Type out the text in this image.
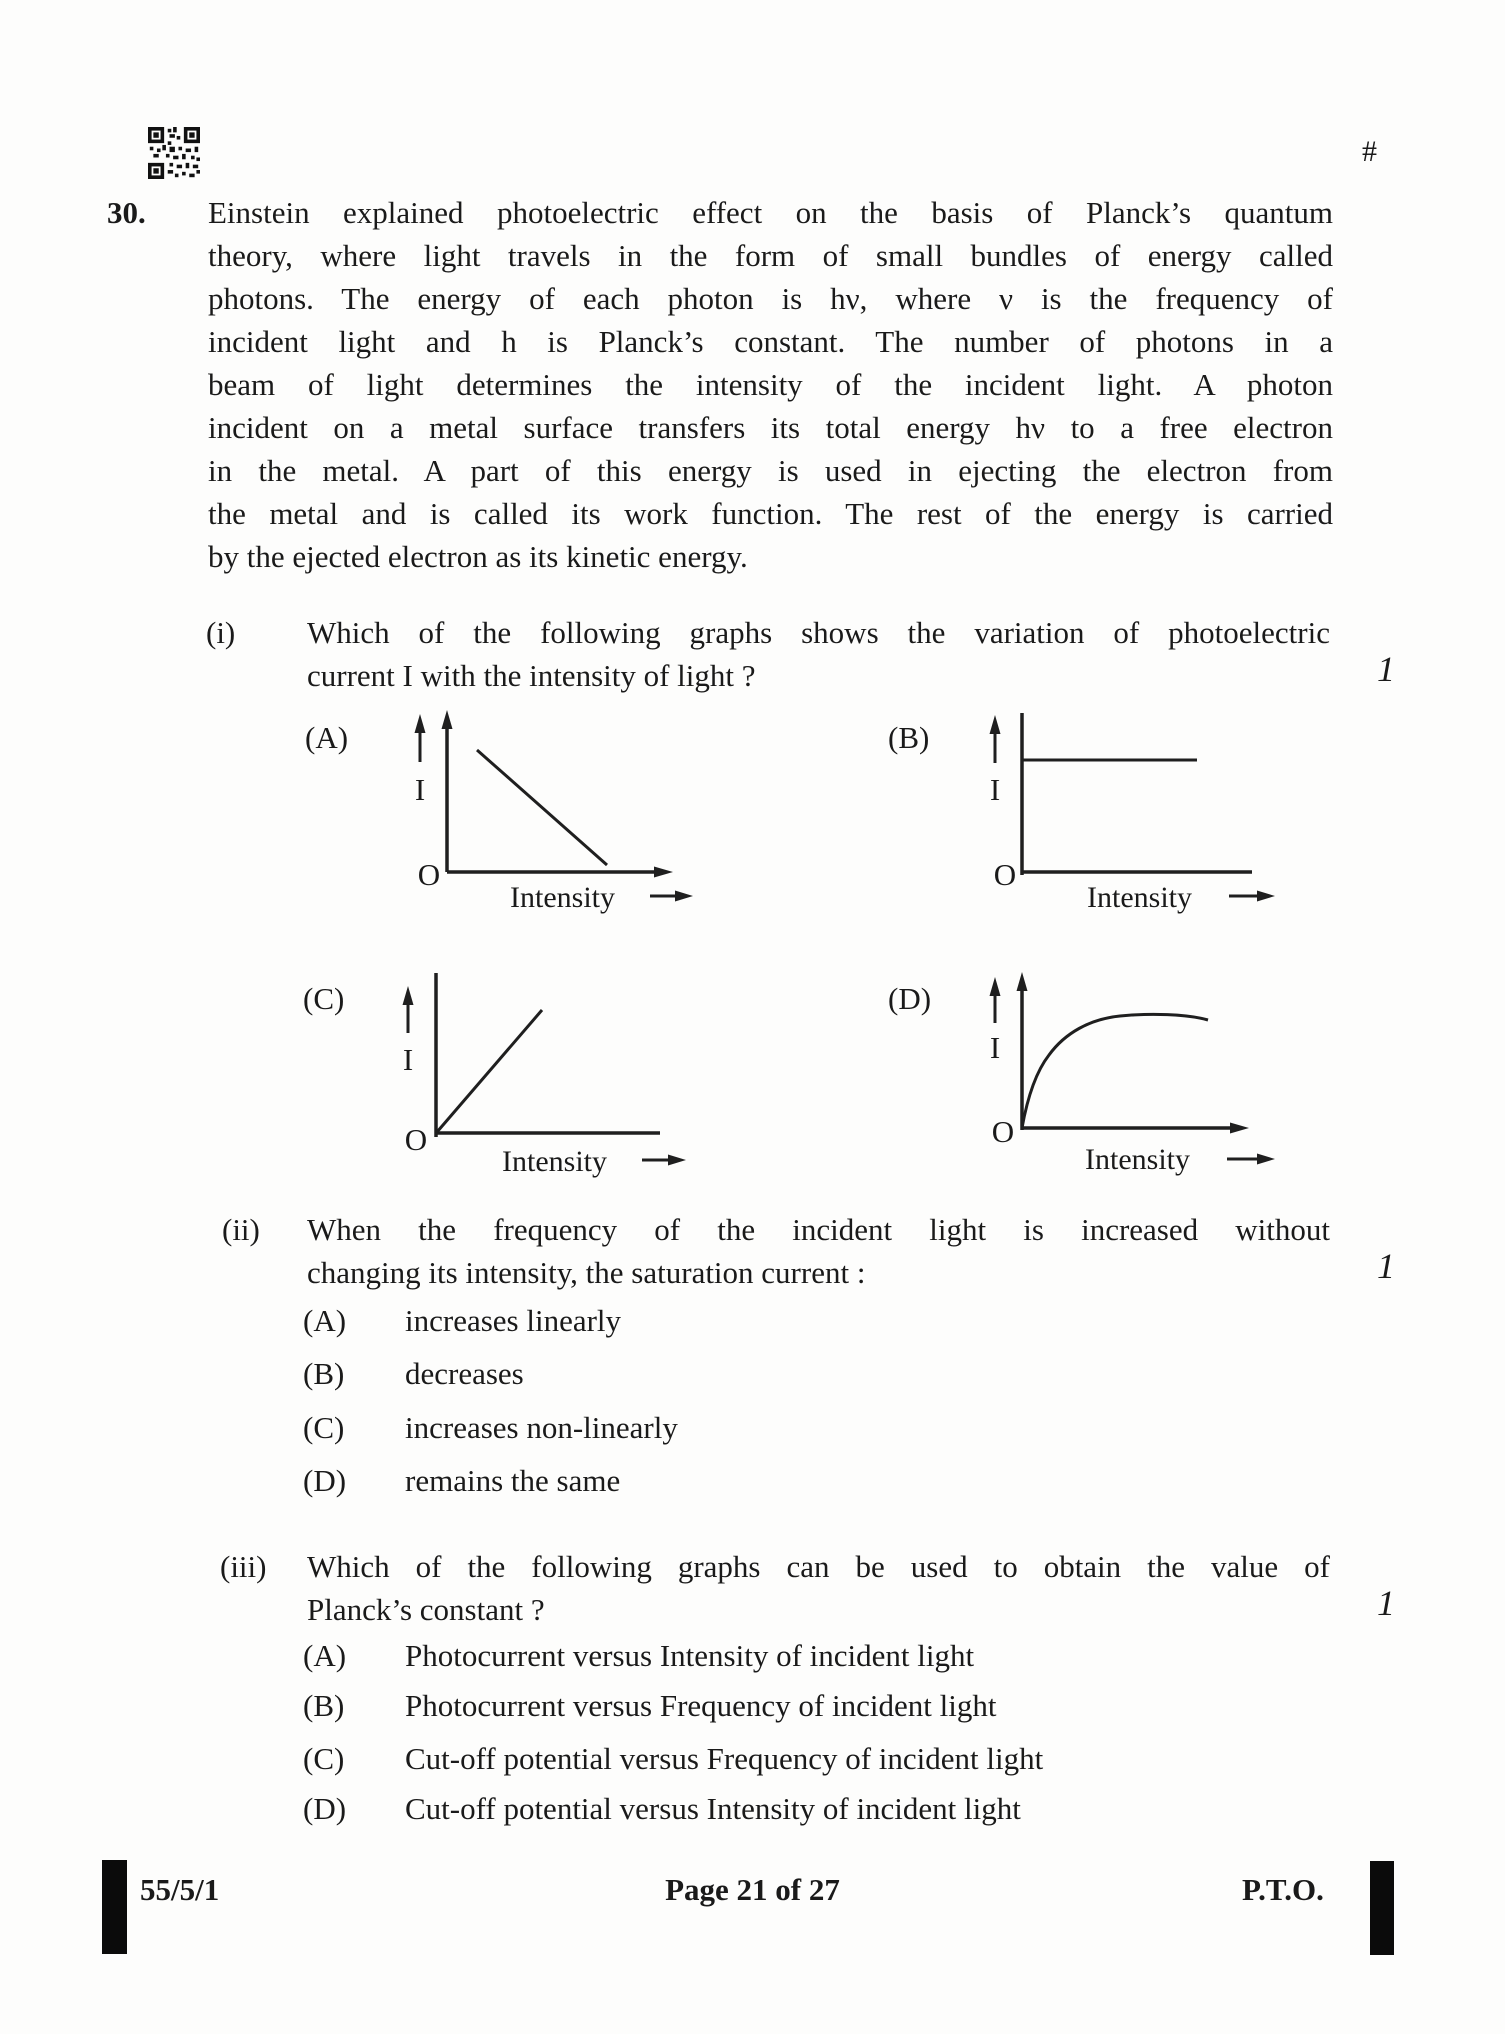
#
30. Einstein explained photoelectric effect on the basis of Planck’s quantum
theory, where light travels in the form of small bundles of energy called
photons. The energy of each photon is hν, where ν is the frequency of
incident light and h is Planck’s constant. The number of photons in a
beam of light determines the intensity of the incident light. A photon
incident on a metal surface transfers its total energy hν to a free electron
in the metal. A part of this energy is used in ejecting the electron from
the metal and is called its work function. The rest of the energy is carried
by the ejected electron as its kinetic energy.
(i) Which of the following graphs shows the variation of photoelectric
current I with the intensity of light ?	1
(A)
I
O
Intensity
(B)
I
O
Intensity
(C)
I
O
Intensity
(D)
I
O
Intensity
(ii) When the frequency of the incident light is increased without
changing its intensity, the saturation current :	1
(A) increases linearly
(B) decreases
(C) increases non-linearly
(D) remains the same
(iii) Which of the following graphs can be used to obtain the value of
Planck’s constant ?	1
(A) Photocurrent versus Intensity of incident light
(B) Photocurrent versus Frequency of incident light
(C) Cut-off potential versus Frequency of incident light
(D) Cut-off potential versus Intensity of incident light
55/5/1	Page 21 of 27	P.T.O.
